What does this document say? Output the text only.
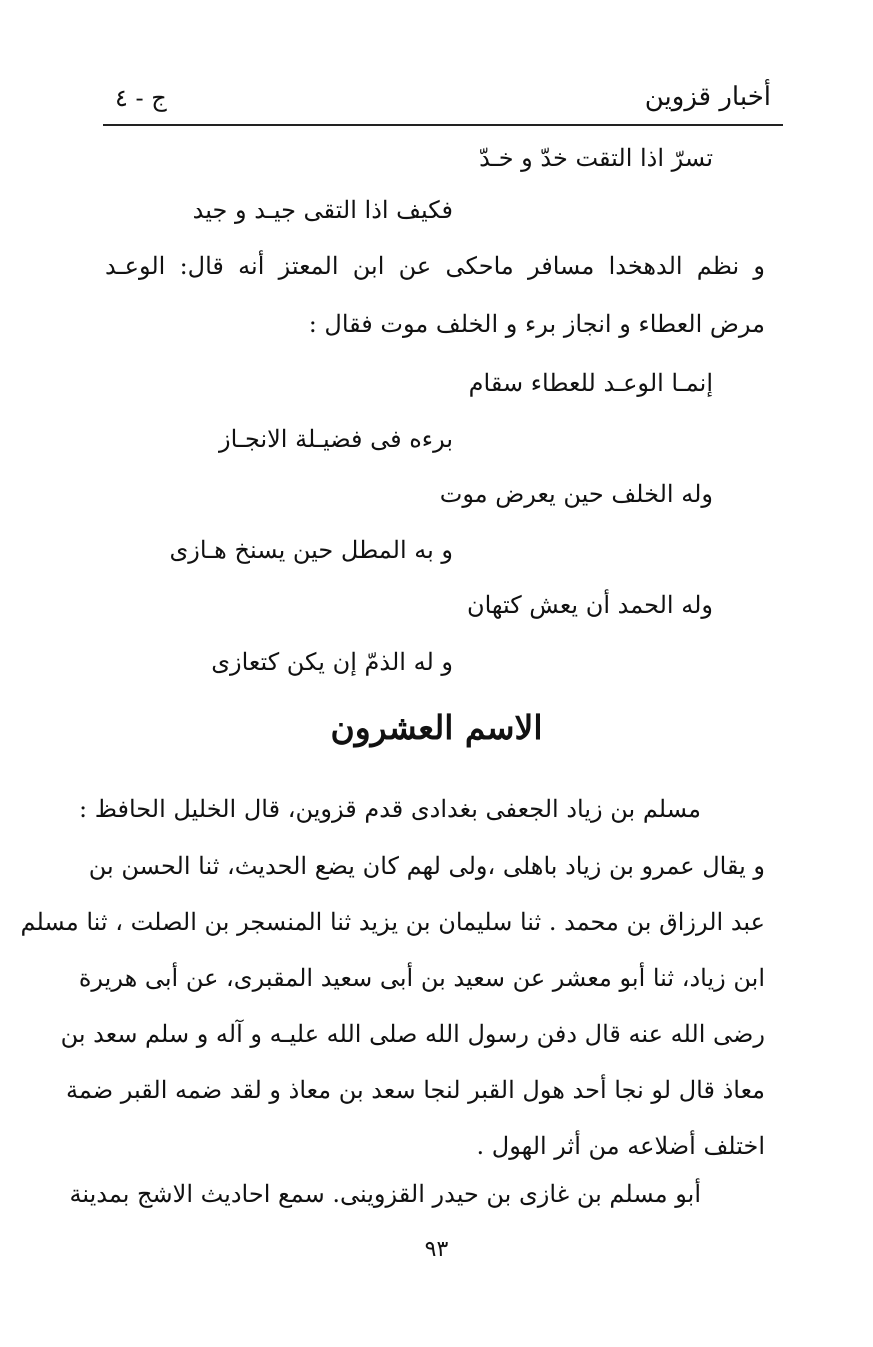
أخبار قزوين
ج - ٤
تسرّ اذا التقت خدّ و خـدّ
فكيف اذا التقى جيـد و جيد
و نظم الدهخدا مسافر ماحكى عن ابن المعتز أنه قال: الوعـد
مرض العطاء و انجاز برء و الخلف موت فقال :
إنمـا الوعـد للعطاء سقام
برءه فى فضيـلة الانجـاز
وله الخلف حين يعرض موت
و به المطل حين يسنخ هـازى
وله الحمد أن يعش كتهان
و له الذمّ إن يكن كتعازى
الاسم العشرون
مسلم بن زياد الجعفى بغدادى قدم قزوين، قال الخليل الحافظ :
و يقال عمرو بن زياد باهلى ،ولى لهم كان يضع الحديث، ثنا الحسن بن
عبد الرزاق بن محمد . ثنا سليمان بن يزيد ثنا المنسجر بن الصلت ، ثنا مسلم
ابن زياد، ثنا أبو معشر عن سعيد بن أبى سعيد المقبرى، عن أبى هريرة
رضى الله عنه قال دفن رسول الله صلى الله عليـه و آله و سلم سعد بن
معاذ قال لو نجا أحد هول القبر لنجا سعد بن معاذ و لقد ضمه القبر ضمة
اختلف أضلاعه من أثر الهول .
أبو مسلم بن غازى بن حيدر القزوينى. سمع احاديث الاشج بمدينة
٩٣
